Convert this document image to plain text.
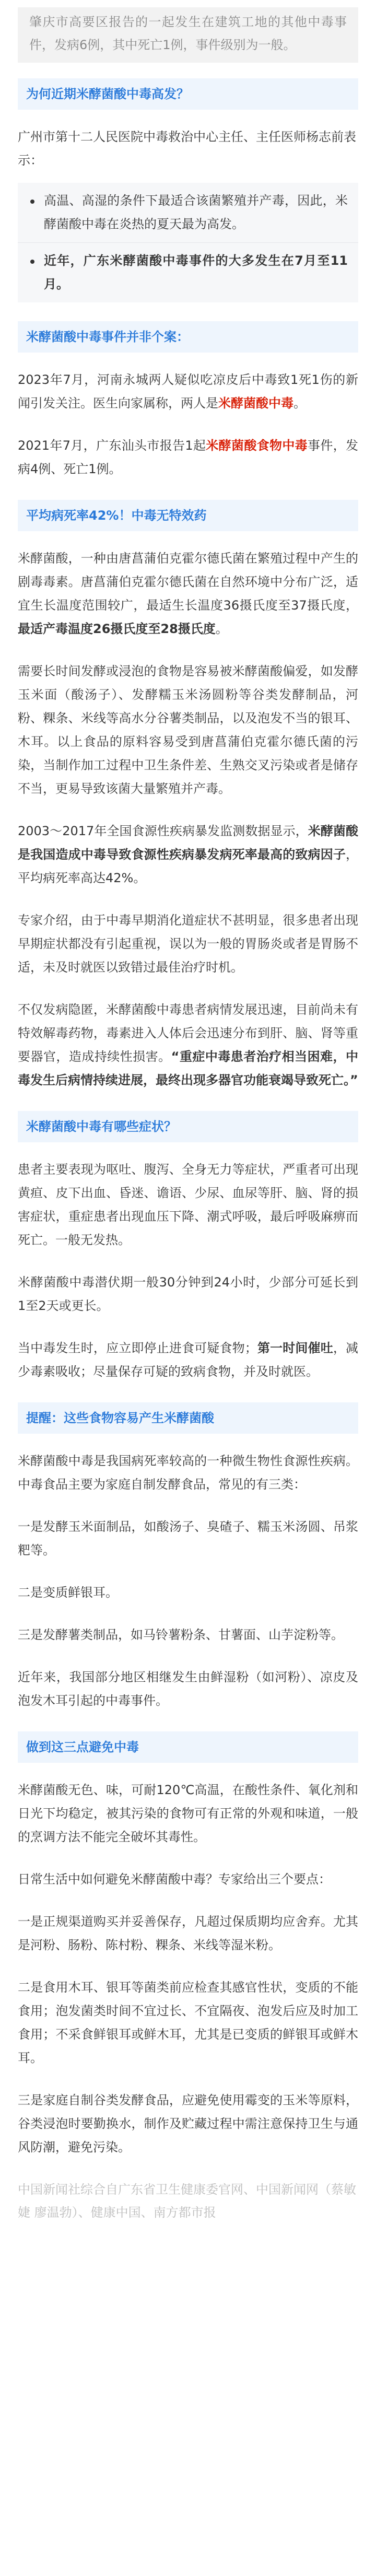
肇庆市高要区报告的一起发生在建筑工地的其他中毒事件，发病6例，其中死亡1例，事件级别为一般。
为何近期米酵菌酸中毒高发？

广州市第十二人民医院中毒救治中心主任、主任医师杨志前表示：

高温、高湿的条件下最适合该菌繁殖并产毒，因此，米酵菌酸中毒在炎热的夏天最为高发。
近年，广东米酵菌酸中毒事件的大多发生在7月至11月。
米酵菌酸中毒事件并非个案：

2023年7月，河南永城两人疑似吃凉皮后中毒致1死1伤的新闻引发关注。医生向家属称，两人是米酵菌酸中毒。

2021年7月，广东汕头市报告1起米酵菌酸食物中毒事件，发病4例、死亡1例。

平均病死率42%！中毒无特效药

米酵菌酸，一种由唐菖蒲伯克霍尔德氏菌在繁殖过程中产生的剧毒毒素。唐菖蒲伯克霍尔德氏菌在自然环境中分布广泛，适宜生长温度范围较广，最适生长温度36摄氏度至37摄氏度，最适产毒温度26摄氏度至28摄氏度。

需要长时间发酵或浸泡的食物是容易被米酵菌酸偏爱，如发酵玉米面（酸汤子）、发酵糯玉米汤圆粉等谷类发酵制品，河粉、粿条、米线等高水分谷薯类制品，以及泡发不当的银耳、木耳。以上食品的原料容易受到唐菖蒲伯克霍尔德氏菌的污染，当制作加工过程中卫生条件差、生熟交叉污染或者是储存不当，更易导致该菌大量繁殖并产毒。

2003～2017年全国食源性疾病暴发监测数据显示，米酵菌酸是我国造成中毒导致食源性疾病暴发病死率最高的致病因子，平均病死率高达42%。

专家介绍，由于中毒早期消化道症状不甚明显，很多患者出现早期症状都没有引起重视，误以为一般的胃肠炎或者是胃肠不适，未及时就医以致错过最佳治疗时机。

不仅发病隐匿，米酵菌酸中毒患者病情发展迅速，目前尚未有特效解毒药物，毒素进入人体后会迅速分布到肝、脑、肾等重要器官，造成持续性损害。“重症中毒患者治疗相当困难，中毒发生后病情持续进展，最终出现多器官功能衰竭导致死亡。”

米酵菌酸中毒有哪些症状？

患者主要表现为呕吐、腹泻、全身无力等症状，严重者可出现黄疸、皮下出血、昏迷、谵语、少尿、血尿等肝、脑、肾的损害症状，重症患者出现血压下降、潮式呼吸，最后呼吸麻痹而死亡。一般无发热。

米酵菌酸中毒潜伏期一般30分钟到24小时，少部分可延长到1至2天或更长。

当中毒发生时，应立即停止进食可疑食物；第一时间催吐，减少毒素吸收；尽量保存可疑的致病食物，并及时就医。

提醒：这些食物容易产生米酵菌酸

米酵菌酸中毒是我国病死率较高的一种微生物性食源性疾病。中毒食品主要为家庭自制发酵食品，常见的有三类：

一是发酵玉米面制品，如酸汤子、臭碴子、糯玉米汤圆、吊浆粑等。

二是变质鲜银耳。

三是发酵薯类制品，如马铃薯粉条、甘薯面、山芋淀粉等。

近年来，我国部分地区相继发生由鲜湿粉（如河粉）、凉皮及泡发木耳引起的中毒事件。

做到这三点避免中毒

米酵菌酸无色、味，可耐120℃高温，在酸性条件、氧化剂和日光下均稳定，被其污染的食物可有正常的外观和味道，一般的烹调方法不能完全破坏其毒性。

日常生活中如何避免米酵菌酸中毒？专家给出三个要点：

一是正规渠道购买并妥善保存，凡超过保质期均应舍弃。尤其是河粉、肠粉、陈村粉、粿条、米线等湿米粉。

二是食用木耳、银耳等菌类前应检查其感官性状，变质的不能食用；泡发菌类时间不宜过长、不宜隔夜、泡发后应及时加工食用；不采食鲜银耳或鲜木耳，尤其是已变质的鲜银耳或鲜木耳。

三是家庭自制谷类发酵食品，应避免使用霉变的玉米等原料，谷类浸泡时要勤换水，制作及贮藏过程中需注意保持卫生与通风防潮，避免污染。

中国新闻社综合自广东省卫生健康委官网、中国新闻网（蔡敏婕 廖温勃）、健康中国、南方都市报
